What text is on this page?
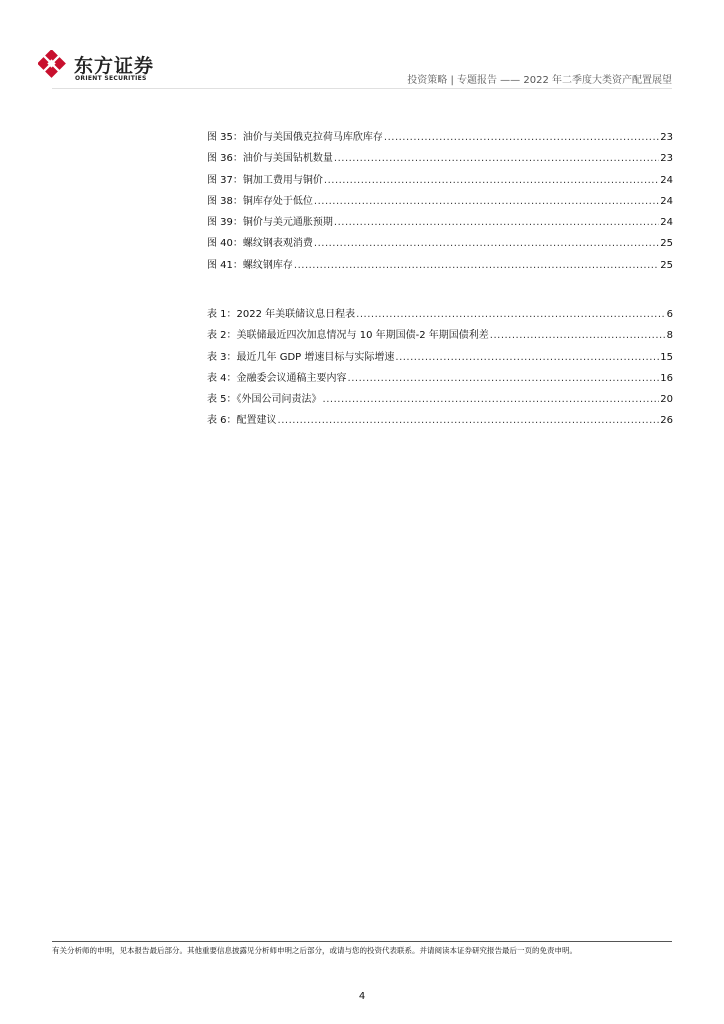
东方证券
ORIENT SECURITIES	投资策略 | 专题报告 —— 2022 年二季度大类资产配置展望
图 35：油价与美国俄克拉荷马库欣库存 .....	23
图 36：油价与美国钻机数量 .....	23
图 37：铜加工费用与铜价 .....	24
图 38：铜库存处于低位 .....	24
图 39：铜价与美元通胀预期 .....	24
图 40：螺纹钢表观消费 .....	25
图 41：螺纹钢库存 .....	25
表 1：2022 年美联储议息日程表 .....	6
表 2：美联储最近四次加息情况与 10 年期国债-2 年期国债利差 .....	8
表 3：最近几年 GDP 增速目标与实际增速 .....	15
表 4：金融委会议通稿主要内容 .....	16
表 5：《外国公司问责法》 .....	20
表 6：配置建议 .....	26
有关分析师的申明，见本报告最后部分。其他重要信息披露见分析师申明之后部分，或请与您的投资代表联系。并请阅读本证券研究报告最后一页的免责申明。
4
